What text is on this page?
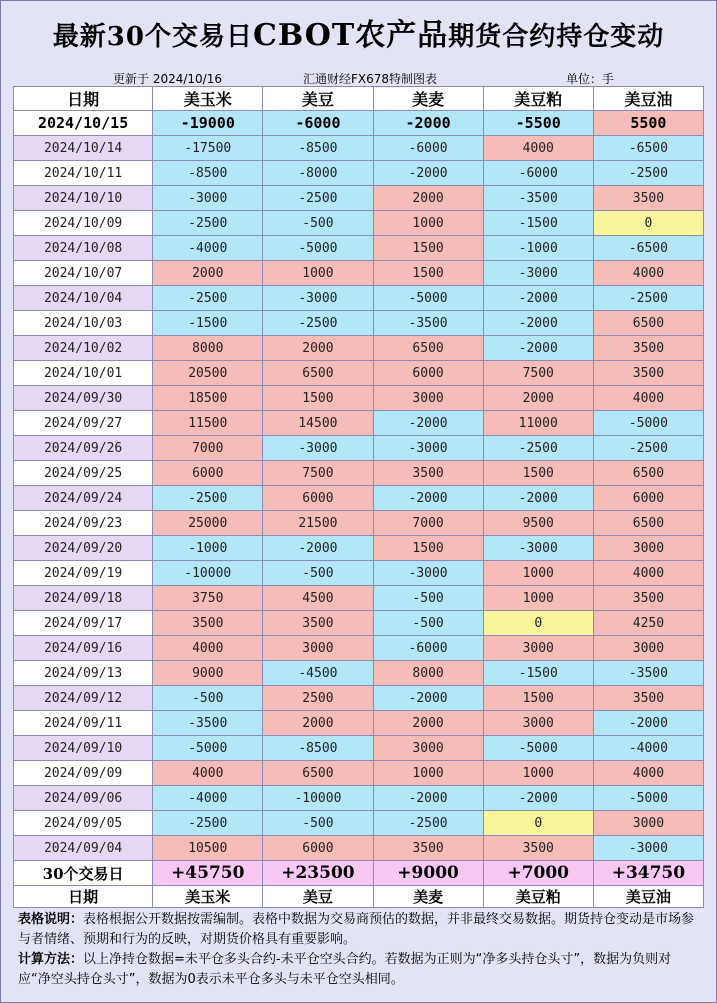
最新30个交易日CBOT农产品期货合约持仓变动
更新于 2024/10/16	汇通财经FX678特制图表	单位：手
日期	美玉米	美豆	美麦	美豆粕	美豆油
2024/10/15	-19000	-6000	-2000	-5500	5500
2024/10/14	-17500	-8500	-6000	4000	-6500
2024/10/11	-8500	-8000	-2000	-6000	-2500
2024/10/10	-3000	-2500	2000	-3500	3500
2024/10/09	-2500	-500	1000	-1500	0
2024/10/08	-4000	-5000	1500	-1000	-6500
2024/10/07	2000	1000	1500	-3000	4000
2024/10/04	-2500	-3000	-5000	-2000	-2500
2024/10/03	-1500	-2500	-3500	-2000	6500
2024/10/02	8000	2000	6500	-2000	3500
2024/10/01	20500	6500	6000	7500	3500
2024/09/30	18500	1500	3000	2000	4000
2024/09/27	11500	14500	-2000	11000	-5000
2024/09/26	7000	-3000	-3000	-2500	-2500
2024/09/25	6000	7500	3500	1500	6500
2024/09/24	-2500	6000	-2000	-2000	6000
2024/09/23	25000	21500	7000	9500	6500
2024/09/20	-1000	-2000	1500	-3000	3000
2024/09/19	-10000	-500	-3000	1000	4000
2024/09/18	3750	4500	-500	1000	3500
2024/09/17	3500	3500	-500	0	4250
2024/09/16	4000	3000	-6000	3000	3000
2024/09/13	9000	-4500	8000	-1500	-3500
2024/09/12	-500	2500	-2000	1500	3500
2024/09/11	-3500	2000	2000	3000	-2000
2024/09/10	-5000	-8500	3000	-5000	-4000
2024/09/09	4000	6500	1000	1000	4000
2024/09/06	-4000	-10000	-2000	-2000	-5000
2024/09/05	-2500	-500	-2500	0	3000
2024/09/04	10500	6000	3500	3500	-3000
30个交易日	+45750	+23500	+9000	+7000	+34750
日期	美玉米	美豆	美麦	美豆粕	美豆油
表格说明：表格根据公开数据按需编制。表格中数据为交易商预估的数据，并非最终交易数据。期货持仓变动是市场参与者情绪、预期和行为的反映，对期货价格具有重要影响。
计算方法：以上净持仓数据=未平仓多头合约-未平仓空头合约。若数据为正则为“净多头持仓头寸”，数据为负则对应“净空头持仓头寸”，数据为0表示未平仓多头与未平仓空头相同。
